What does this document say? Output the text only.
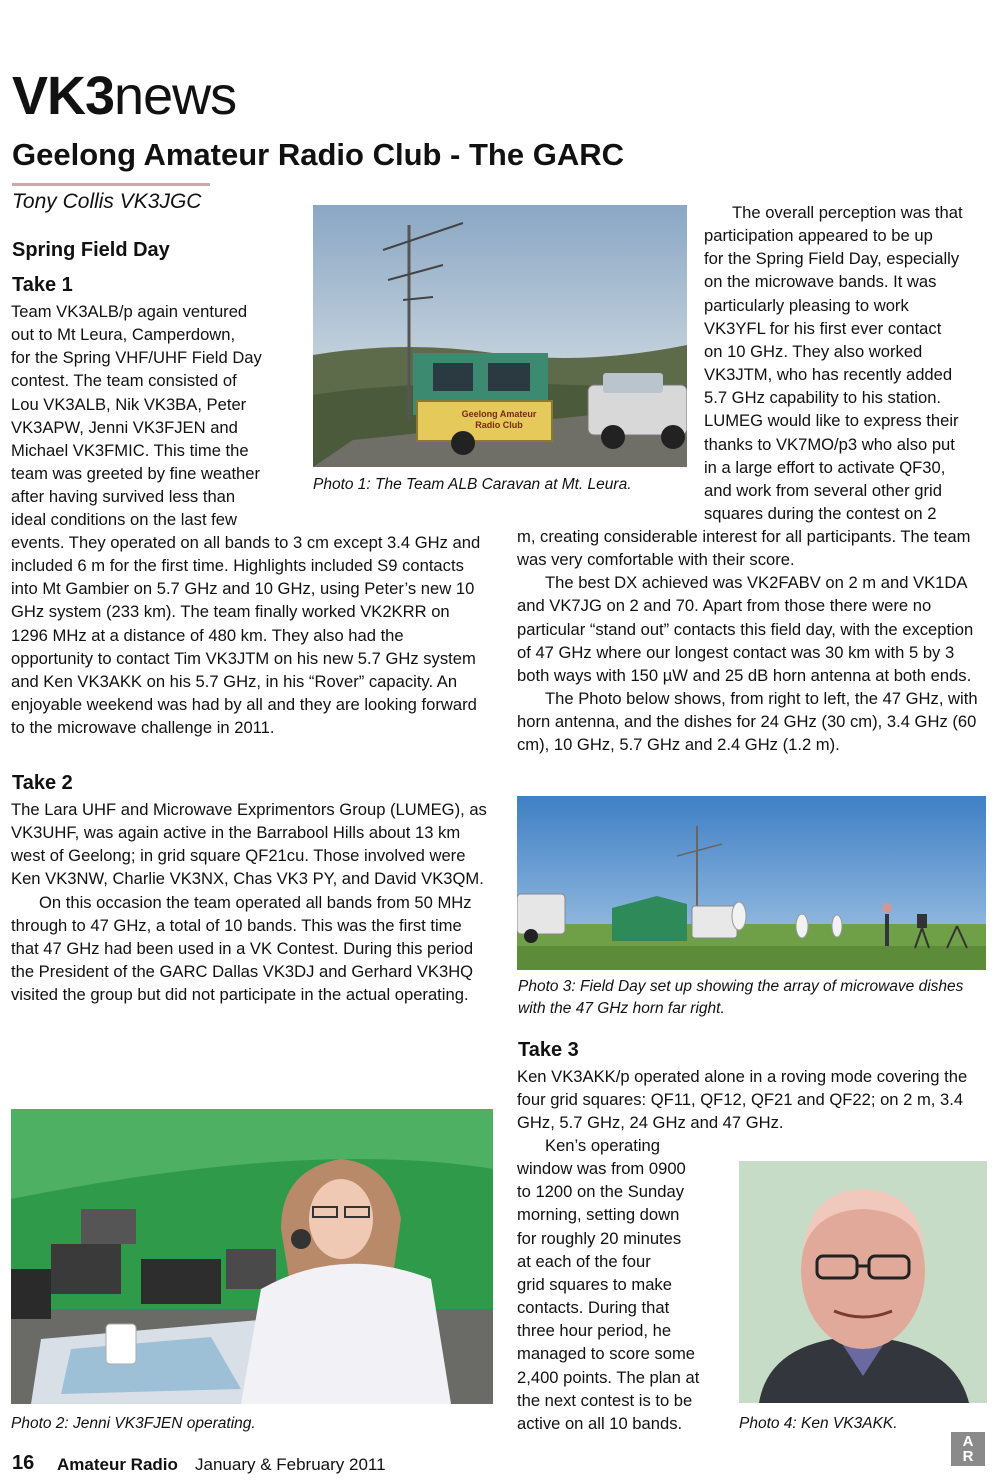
VK3news
Geelong Amateur Radio Club - The GARC
Tony Collis VK3JGC
Spring Field Day
Take 1

Team VK3ALB/p again ventured

out to Mt Leura, Camperdown,

for the Spring VHF/UHF Field Day

contest. The team consisted of

Lou VK3ALB, Nik VK3BA, Peter

VK3APW, Jenni VK3FJEN and

Michael VK3FMIC. This time the

team was greeted by fine weather

after having survived less than

ideal conditions on the last few

events. They operated on all bands to 3 cm except 3.4 GHz and included 6 m for the first time. Highlights included S9 contacts into Mt Gambier on 5.7 GHz and 10 GHz, using Peter’s new 10 GHz system (233 km). The team finally worked VK2KRR on 1296 MHz at a distance of 480 km. They also had the opportunity to contact Tim VK3JTM on his new 5.7 GHz system and Ken VK3AKK on his 5.7 GHz, in his “Rover” capacity. An enjoyable weekend was had by all and they are looking forward to the microwave challenge in 2011.

Take 2

The Lara UHF and Microwave Exprimentors Group (LUMEG), as VK3UHF, was again active in the Barrabool Hills about 13 km west of Geelong; in grid square QF21cu. Those involved were Ken VK3NW, Charlie VK3NX, Chas VK3 PY, and David VK3QM.

On this occasion the team operated all bands from 50 MHz through to 47 GHz, a total of 10 bands. This was the first time that 47 GHz had been used in a VK Contest. During this period the President of the GARC Dallas VK3DJ and Gerhard VK3HQ visited the group but did not participate in the actual operating.

Geelong Amateur
Radio Club
Photo 1: The Team ALB Caravan at Mt. Leura.

The overall perception was that

participation appeared to be up

for the Spring Field Day, especially

on the microwave bands. It was

particularly pleasing to work

VK3YFL for his first ever contact

on 10 GHz. They also worked

VK3JTM, who has recently added

5.7 GHz capability to his station.

LUMEG would like to express their

thanks to VK7MO/p3 who also put

in a large effort to activate QF30,

and work from several other grid

squares during the contest on 2

m, creating considerable interest for all participants. The team was very comfortable with their score.

The best DX achieved was VK2FABV on 2 m and VK1DA and VK7JG on 2 and 70. Apart from those there were no particular “stand out” contacts this field day, with the exception of 47 GHz where our longest contact was 30 km with 5 by 3 both ways with 150 µW and 25 dB horn antenna at both ends.

The Photo below shows, from right to left, the 47 GHz, with horn antenna, and the dishes for 24 GHz (30 cm), 3.4 GHz (60 cm), 10 GHz, 5.7 GHz and 2.4 GHz (1.2 m).

Photo 3: Field Day set up showing the array of microwave dishes with the 47 GHz horn far right.
Take 3

Ken VK3AKK/p operated alone in a roving mode covering the four grid squares: QF11, QF12, QF21 and QF22; on 2 m, 3.4 GHz, 5.7 GHz, 24 GHz and 47 GHz.

Ken’s operating

window was from 0900

to 1200 on the Sunday

morning, setting down

for roughly 20 minutes

at each of the four

grid squares to make

contacts. During that

three hour period, he

managed to score some

2,400 points. The plan at

the next contest is to be

active on all 10 bands.

Photo 2: Jenni VK3FJEN operating.	Photo 4: Ken VK3AKK.
16 Amateur Radio January & February 2011
A
R
